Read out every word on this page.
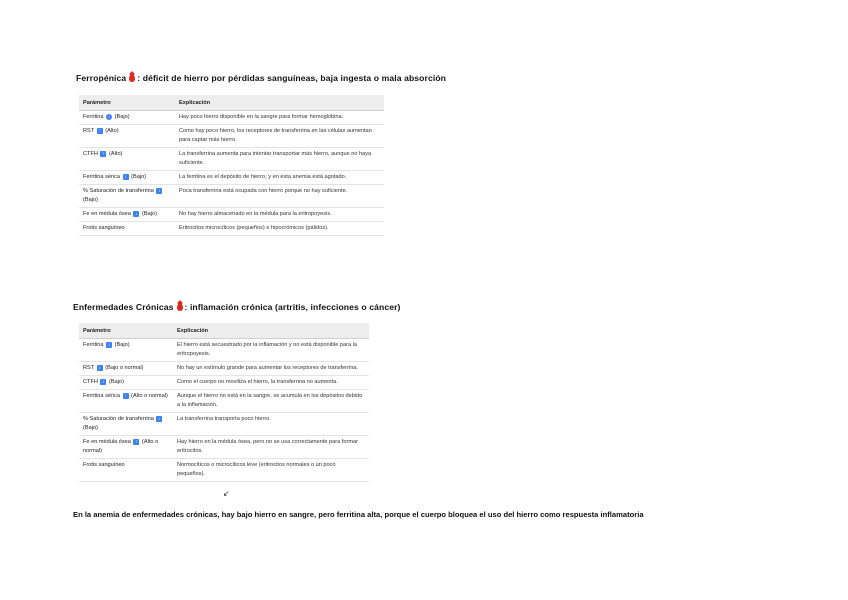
Ferropénica : déficit de hierro por pérdidas sanguíneas, baja ingesta o mala absorción
Parámetro	Explicación
Ferritina ↓ (Bajo)	Hay poco hierro disponible en la sangre para formar hemoglobina.
RST ↑ (Alto)	Como hay poco hierro, los receptores de transferrina en las células aumentan para captar más hierro.
CTFH ↑ (Alto)	La transferrina aumenta para intentar transportar más hierro, aunque no haya suficiente.
Ferritina sérica ↓ (Bajo)	La ferritina es el depósito de hierro, y en esta anemia está agotado.
% Saturación de transferrina ↓ (Bajo)	Poca transferrina está ocupada con hierro porque no hay suficiente.
Fe en médula ósea ↓ (Bajo)	No hay hierro almacenado en la médula para la eritropoyesis.
Frotis sanguíneo	Eritrocitos microcíticos (pequeños) e hipocrómicos (pálidos).
Enfermedades Crónicas : inflamación crónica (artritis, infecciones o cáncer)
Parámetro	Explicación
Ferritina ↓ (Bajo)	El hierro está secuestrado por la inflamación y no está disponible para la eritropoyesis.
RST ↓ (Bajo o normal)	No hay un estímulo grande para aumentar los receptores de transferrina.
CTFH ↓ (Bajo)	Como el cuerpo no moviliza el hierro, la transferrina no aumenta.
Ferritina sérica ↑ (Alto o normal)	Aunque el hierro no está en la sangre, se acumula en los depósitos debido a la inflamación.
% Saturación de transferrina ↓ (Bajo)	La transferrina transporta poco hierro.
Fe en médula ósea ↑ (Alto o normal)	Hay hierro en la médula ósea, pero no se usa correctamente para formar eritrocitos.
Frotis sanguíneo	Normocíticos o microcíticos leve (eritrocitos normales o un poco pequeños).
↙
En la anemia de enfermedades crónicas, hay bajo hierro en sangre, pero ferritina alta, porque el cuerpo bloquea el uso del hierro como respuesta inflamatoria
